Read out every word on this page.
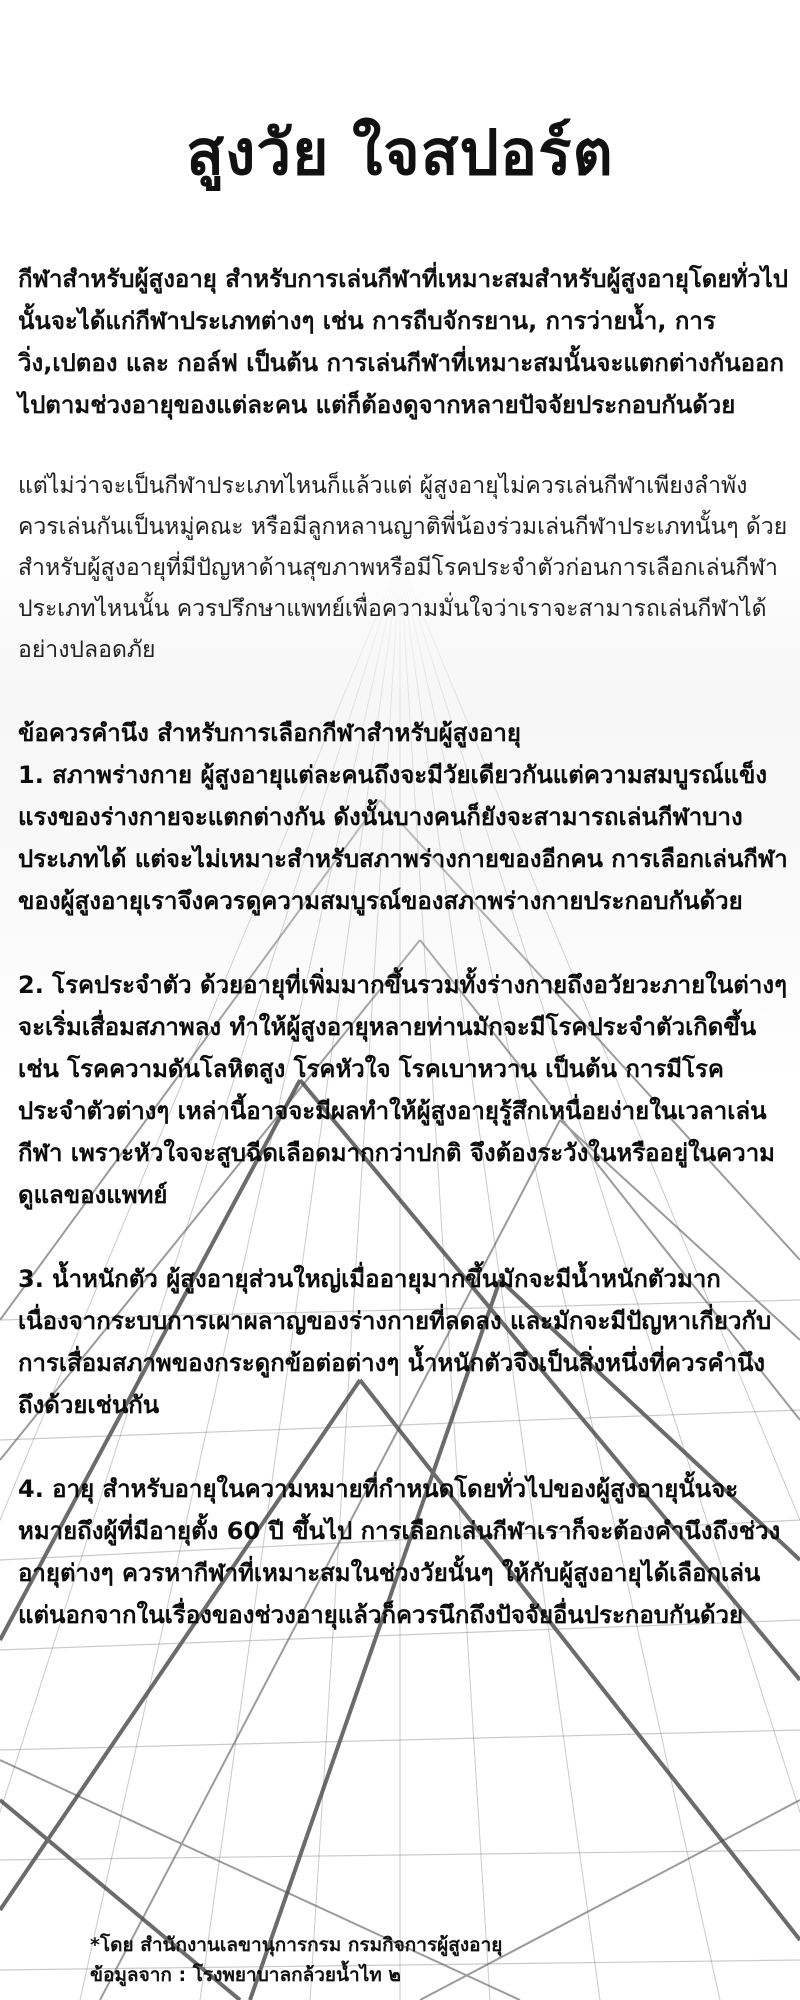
สูงวัย ใจสปอร์ต
กีฬาสำหรับผู้สูงอายุ สำหรับการเล่นกีฬาที่เหมาะสมสำหรับผู้สูงอายุโดยทั่วไปนั้นจะได้แก่กีฬาประเภทต่างๆ เช่น การถีบจักรยาน, การว่ายน้ำ, การวิ่ง,เปตอง และ กอล์ฟ เป็นต้น การเล่นกีฬาที่เหมาะสมนั้นจะแตกต่างกันออกไปตามช่วงอายุของแต่ละคน แต่ก็ต้องดูจากหลายปัจจัยประกอบกันด้วย
แต่ไม่ว่าจะเป็นกีฬาประเภทไหนก็แล้วแต่ ผู้สูงอายุไม่ควรเล่นกีฬาเพียงลำพัง ควรเล่นกันเป็นหมู่คณะ หรือมีลูกหลานญาติพี่น้องร่วมเล่นกีฬาประเภทนั้นๆ ด้วย สำหรับผู้สูงอายุที่มีปัญหาด้านสุขภาพหรือมีโรคประจำตัวก่อนการเลือกเล่นกีฬาประเภทไหนนั้น ควรปรึกษาแพทย์เพื่อความมั่นใจว่าเราจะสามารถเล่นกีฬาได้อย่างปลอดภัย

ข้อควรคำนึง สำหรับการเลือกกีฬาสำหรับผู้สูงอายุ

1. สภาพร่างกาย ผู้สูงอายุแต่ละคนถึงจะมีวัยเดียวกันแต่ความสมบูรณ์แข็งแรงของร่างกายจะแตกต่างกัน ดังนั้นบางคนก็ยังจะสามารถเล่นกีฬาบางประเภทได้ แต่จะไม่เหมาะสำหรับสภาพร่างกายของอีกคน การเลือกเล่นกีฬาของผู้สูงอายุเราจึงควรดูความสมบูรณ์ของสภาพร่างกายประกอบกันด้วย

2. โรคประจำตัว ด้วยอายุที่เพิ่มมากขึ้นรวมทั้งร่างกายถึงอวัยวะภายในต่างๆ จะเริ่มเสื่อมสภาพลง ทำให้ผู้สูงอายุหลายท่านมักจะมีโรคประจำตัวเกิดขึ้น เช่น โรคความดันโลหิตสูง โรคหัวใจ โรคเบาหวาน เป็นต้น การมีโรคประจำตัวต่างๆ เหล่านี้อาจจะมีผลทำให้ผู้สูงอายุรู้สึกเหนื่อยง่ายในเวลาเล่นกีฬา เพราะหัวใจจะสูบฉีดเลือดมากกว่าปกติ จึงต้องระวังในหรืออยู่ในความดูแลของแพทย์

3. น้ำหนักตัว ผู้สูงอายุส่วนใหญ่เมื่ออายุมากขึ้นมักจะมีน้ำหนักตัวมาก เนื่องจากระบบการเผาผลาญของร่างกายที่ลดลง และมักจะมีปัญหาเกี่ยวกับการเสื่อมสภาพของกระดูกข้อต่อต่างๆ น้ำหนักตัวจึงเป็นสิ่งหนึ่งที่ควรคำนึงถึงด้วยเช่นกัน

4. อายุ สำหรับอายุในความหมายที่กำหนดโดยทั่วไปของผู้สูงอายุนั้นจะหมายถึงผู้ที่มีอายุตั้ง 60 ปี ขึ้นไป การเลือกเล่นกีฬาเราก็จะต้องคำนึงถึงช่วงอายุต่างๆ ควรหากีฬาที่เหมาะสมในช่วงวัยนั้นๆ ให้กับผู้สูงอายุได้เลือกเล่น แต่นอกจากในเรื่องของช่วงอายุแล้วก็ควรนึกถึงปัจจัยอื่นประกอบกันด้วย

*โดย สำนักงานเลขานุการกรม กรมกิจการผู้สูงอายุ
ข้อมูลจาก : โรงพยาบาลกล้วยน้ำไท ๒
